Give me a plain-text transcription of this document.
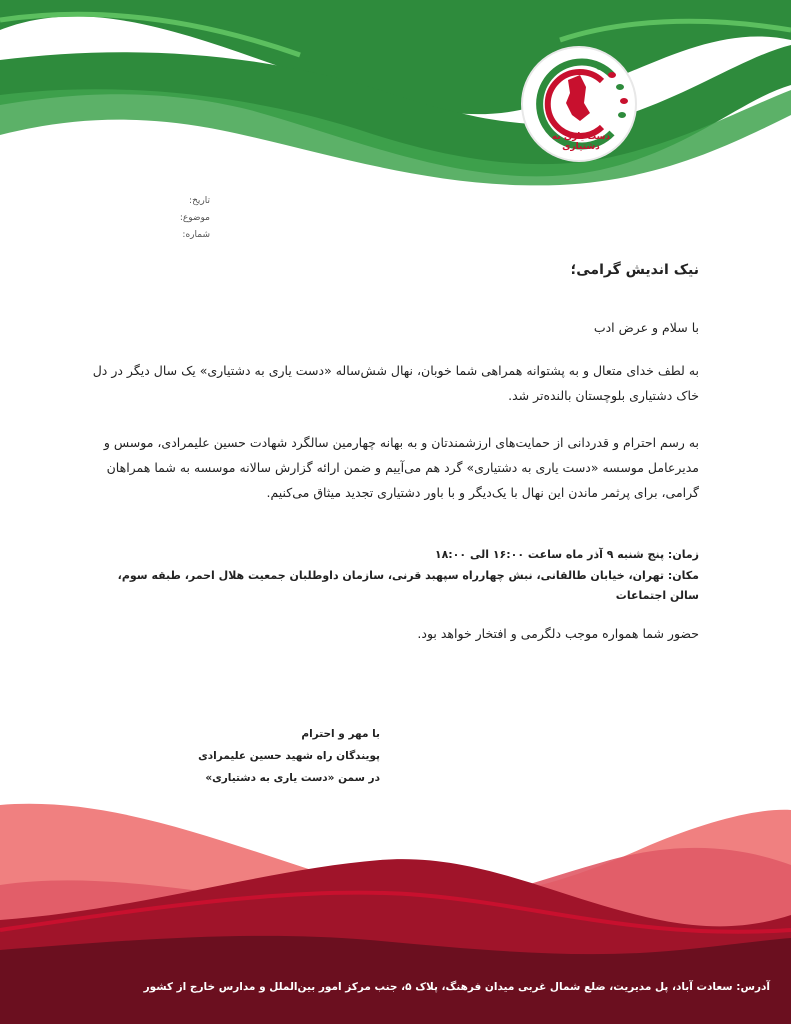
دست یاری به دشتیاری
تاریخ:
موضوع:
شماره:
نیک اندیش گرامی؛
با سلام و عرض ادب
به لطف خدای متعال و به پشتوانه همراهی شما خوبان، نهال شش‌ساله «دست یاری به دشتیاری» یک سال دیگر در دل خاک دشتیاری بلوچستان بالنده‌تر شد.
به رسم احترام و قدردانی از حمایت‌های ارزشمندتان و به بهانه چهارمین سالگرد شهادت حسین علیمرادی، موسس و مدیرعامل موسسه «دست یاری به دشتیاری» گرد هم می‌آییم و ضمن ارائه گزارش سالانه موسسه به شما همراهان گرامی، برای پرثمر ماندن این نهال با یک‌دیگر و با باور دشتیاری تجدید میثاق می‌کنیم.
زمان: پنج شنبه ۹ آذر ماه ساعت ۱۶:۰۰ الی ۱۸:۰۰
مکان: تهران، خیابان طالقانی، نبش چهارراه سپهبد قرنی، سازمان داوطلبان جمعیت هلال احمر، طبقه سوم، سالن اجتماعات
حضور شما همواره موجب دلگرمی و افتخار خواهد بود.
با مهر و احترام
پویندگان راه شهید حسین علیمرادی
در سمن «دست یاری به دشتیاری»
آدرس: سعادت آباد، پل مدیریت، ضلع شمال غربی میدان فرهنگ، پلاک ۵، جنب مرکز امور بین‌الملل و مدارس خارج از کشور
